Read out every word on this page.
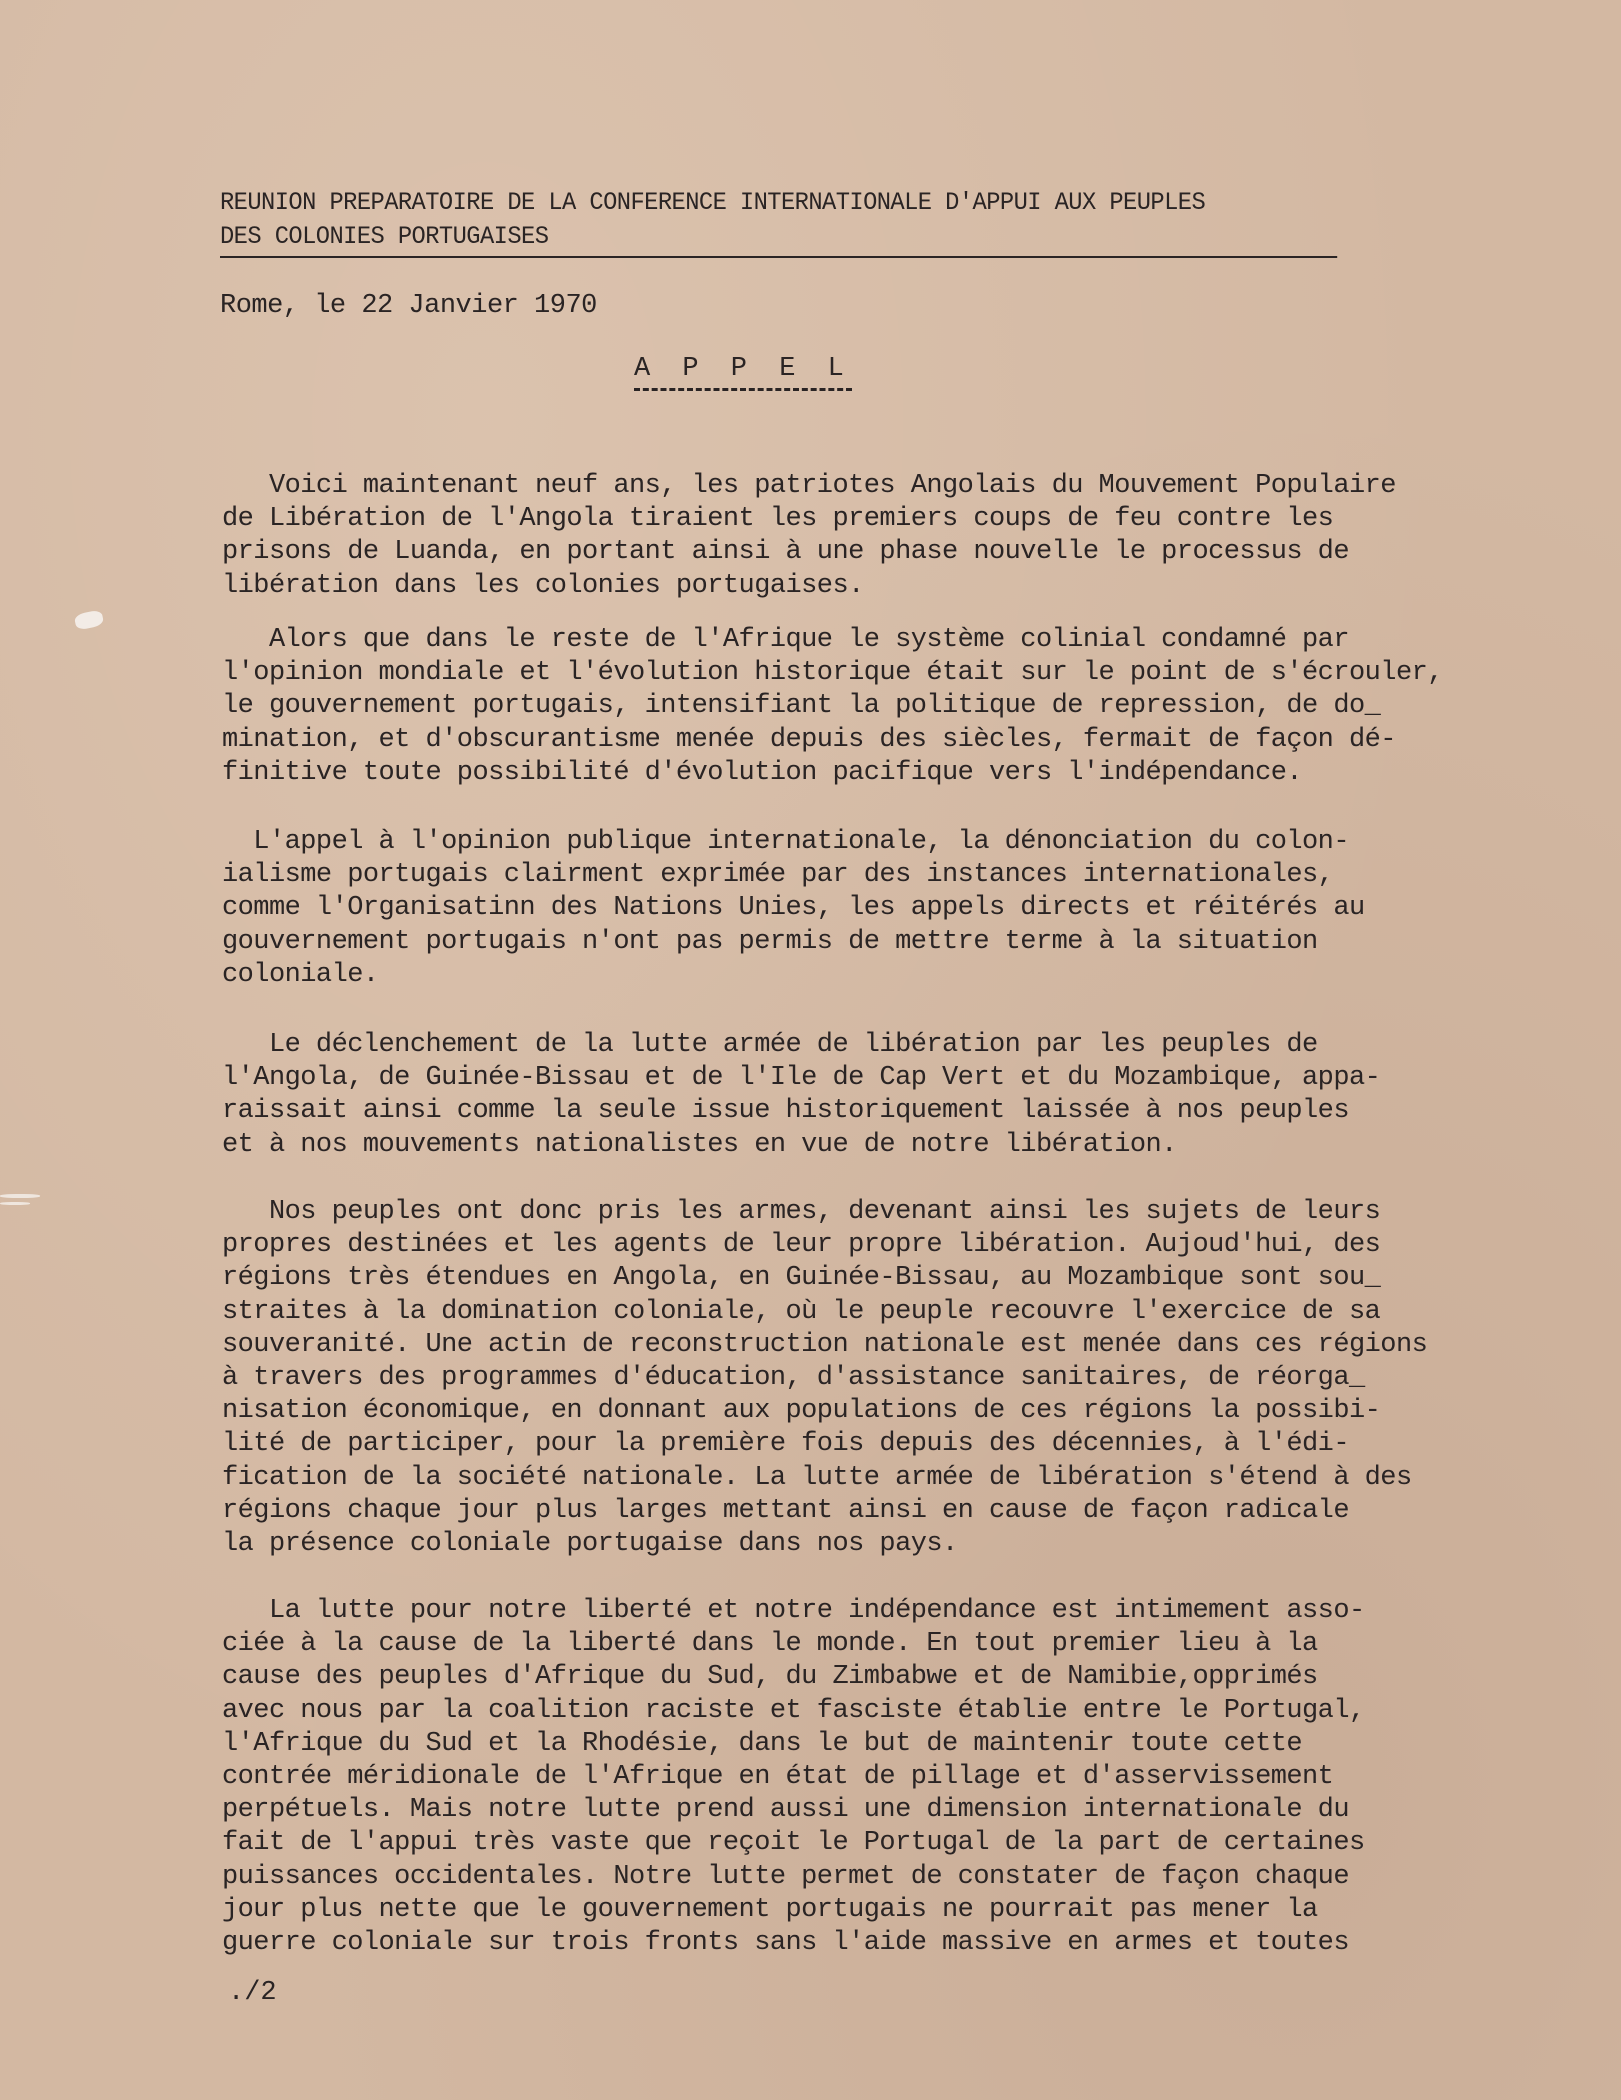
REUNION PREPARATOIRE DE LA CONFERENCE INTERNATIONALE D'APPUI AUX PEUPLES
DES COLONIES PORTUGAISES
Rome, le 22 Janvier 1970
A P P E L
Voici maintenant neuf ans, les patriotes Angolais du Mouvement Populaire
de Libération de l'Angola tiraient les premiers coups de feu contre les
prisons de Luanda, en portant ainsi à une phase nouvelle le processus de
libération dans les colonies portugaises.
Alors que dans le reste de l'Afrique le système colinial condamné par
l'opinion mondiale et l'évolution historique était sur le point de s'écrouler,
le gouvernement portugais, intensifiant la politique de repression, de do_
mination, et d'obscurantisme menée depuis des siècles, fermait de façon dé-
finitive toute possibilité d'évolution pacifique vers l'indépendance.
L'appel à l'opinion publique internationale, la dénonciation du colon-
ialisme portugais clairment exprimée par des instances internationales,
comme l'Organisatinn des Nations Unies, les appels directs et réitérés au
gouvernement portugais n'ont pas permis de mettre terme à la situation
coloniale.
Le déclenchement de la lutte armée de libération par les peuples de
l'Angola, de Guinée-Bissau et de l'Ile de Cap Vert et du Mozambique, appa-
raissait ainsi comme la seule issue historiquement laissée à nos peuples
et à nos mouvements nationalistes en vue de notre libération.
Nos peuples ont donc pris les armes, devenant ainsi les sujets de leurs
propres destinées et les agents de leur propre libération. Aujoud'hui, des
régions très étendues en Angola, en Guinée-Bissau, au Mozambique sont sou_
straites à la domination coloniale, où le peuple recouvre l'exercice de sa
souveranité. Une actin de reconstruction nationale est menée dans ces régions
à travers des programmes d'éducation, d'assistance sanitaires, de réorga_
nisation économique, en donnant aux populations de ces régions la possibi-
lité de participer, pour la première fois depuis des décennies, à l'édi-
fication de la société nationale. La lutte armée de libération s'étend à des
régions chaque jour plus larges mettant ainsi en cause de façon radicale
la présence coloniale portugaise dans nos pays.
La lutte pour notre liberté et notre indépendance est intimement asso-
ciée à la cause de la liberté dans le monde. En tout premier lieu à la
cause des peuples d'Afrique du Sud, du Zimbabwe et de Namibie,opprimés
avec nous par la coalition raciste et fasciste établie entre le Portugal,
l'Afrique du Sud et la Rhodésie, dans le but de maintenir toute cette
contrée méridionale de l'Afrique en état de pillage et d'asservissement
perpétuels. Mais notre lutte prend aussi une dimension internationale du
fait de l'appui très vaste que reçoit le Portugal de la part de certaines
puissances occidentales. Notre lutte permet de constater de façon chaque
jour plus nette que le gouvernement portugais ne pourrait pas mener la
guerre coloniale sur trois fronts sans l'aide massive en armes et toutes
./2
